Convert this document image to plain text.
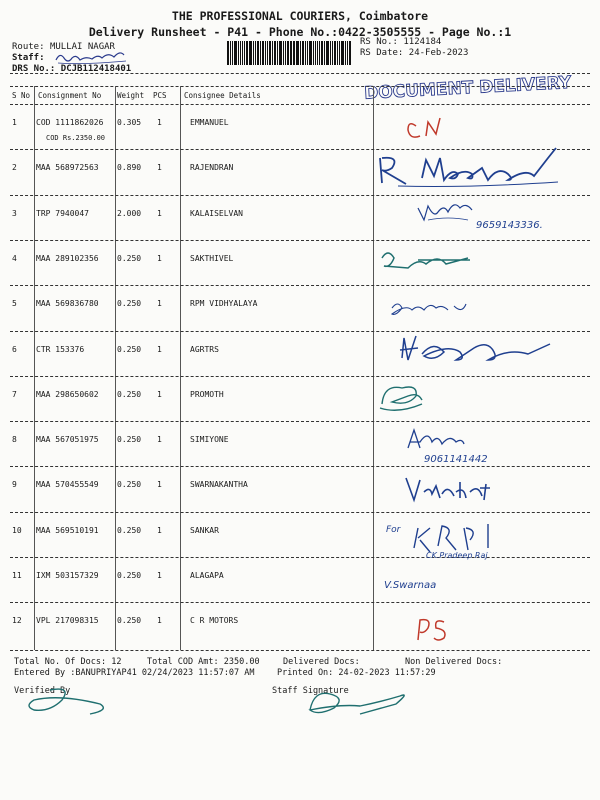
THE PROFESSIONAL COURIERS, Coimbatore
Delivery Runsheet - P41 - Phone No.:0422-3505555 - Page No.:1
Route: MULLAI NAGAR
Staff:
DRS No.: DCJB112418401
RS No.: 1124184
RS Date: 24-Feb-2023
DOCUMENT DELIVERY
S No Consignment No Weight PCS Consignee Details
1 COD 1111862026 0.305 1	EMMANUEL
COD Rs.2350.00
2 MAA 568972563 0.890 1	RAJENDRAN
3 TRP 7940047	2.000 1	KALAISELVAN
4 MAA 289102356 0.250 1	SAKTHIVEL
5 MAA 569836780 0.250 1	RPM VIDHYALAYA
6 CTR 153376	0.250 1	AGRTRS
7 MAA 298650602 0.250 1	PROMOTH
8 MAA 567051975 0.250 1	SIMIYONE
9 MAA 570455549 0.250 1	SWARNAKANTHA
10 MAA 569510191 0.250 1	SANKAR
11 IXM 503157329 0.250 1	ALAGAPA
12 VPL 217098315 0.250 1	C R MOTORS
9659143336.
9061141442
For
CK.Pradeep Raj
V.Swarnaa
Total No. Of Docs: 12	Total COD Amt: 2350.00	Delivered Docs:	Non Delivered Docs:
Entered By :BANUPRIYAP41 02/24/2023 11:57:07 AM	Printed On: 24-02-2023 11:57:29
Verified By	Staff Signature
